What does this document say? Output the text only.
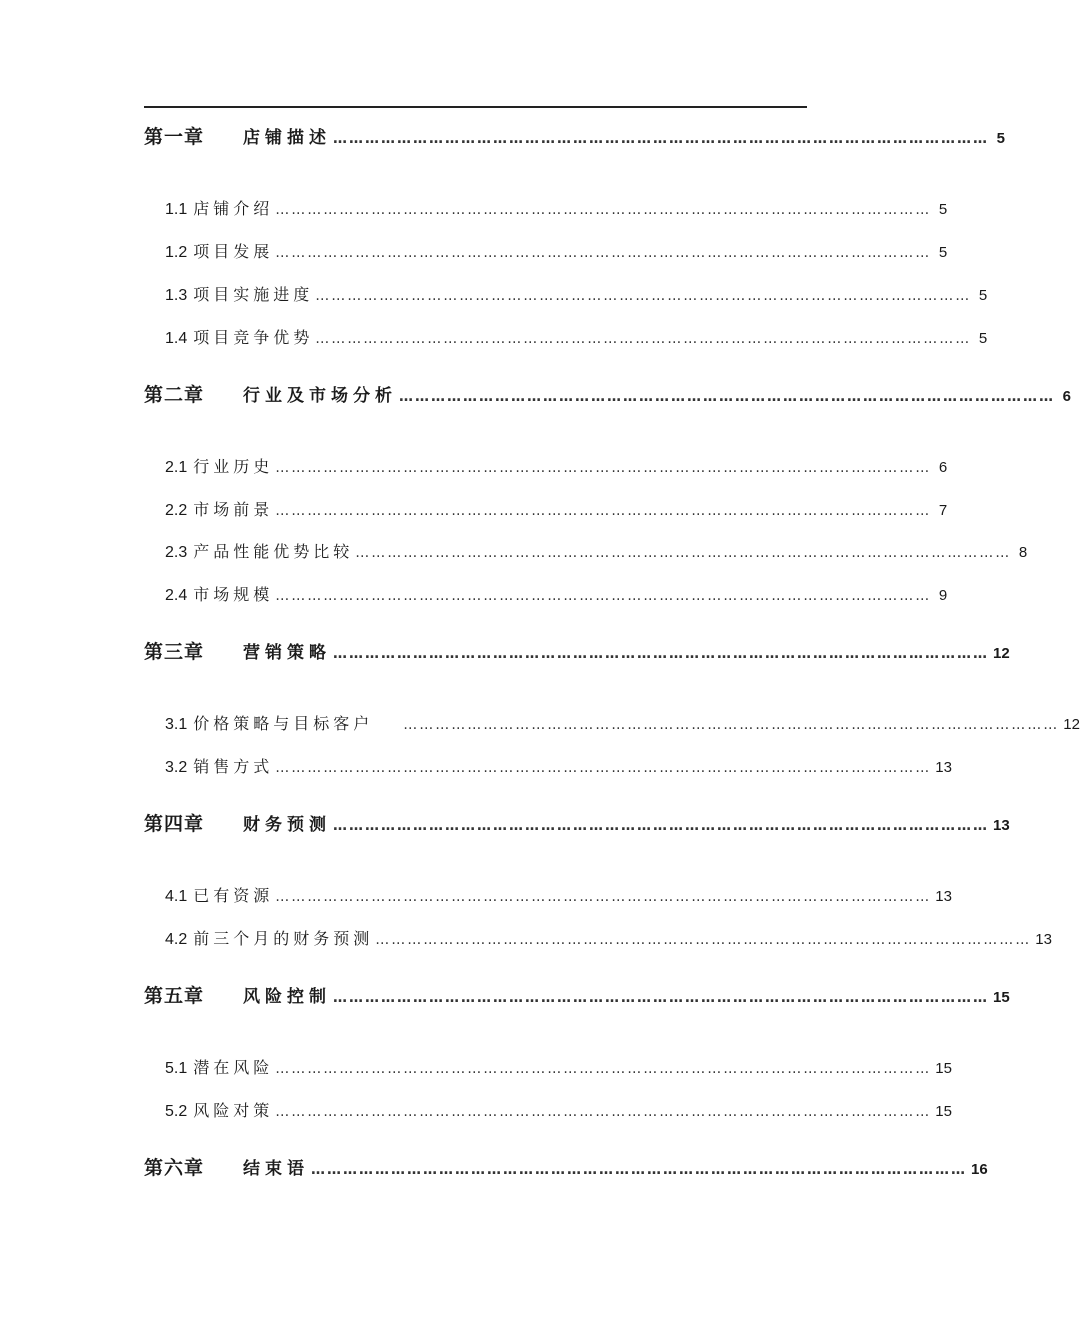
第一章	店铺描述 …………………………………………………………………………………………………………… 5
1.1 店铺介绍 …………………………………………………………………………………………………………… 5
1.2 项目发展 …………………………………………………………………………………………………………… 5
1.3 项目实施进度 …………………………………………………………………………………………………………… 5
1.4 项目竞争优势 …………………………………………………………………………………………………………… 5
第二章	行业及市场分析 …………………………………………………………………………………………………………… 6
2.1 行业历史 …………………………………………………………………………………………………………… 6
2.2 市场前景 …………………………………………………………………………………………………………… 7
2.3 产品性能优势比较 …………………………………………………………………………………………………………… 8
2.4 市场规模 …………………………………………………………………………………………………………… 9
第三章	营销策略 …………………………………………………………………………………………………………… 12
3.1 价格策略与目标客户 …………………………………………………………………………………………………………… 12
3.2 销售方式 …………………………………………………………………………………………………………… 13
第四章	财务预测 …………………………………………………………………………………………………………… 13
4.1 已有资源 …………………………………………………………………………………………………………… 13
4.2 前三个月的财务预测 …………………………………………………………………………………………………………… 13
第五章	风险控制 …………………………………………………………………………………………………………… 15
5.1 潜在风险 …………………………………………………………………………………………………………… 15
5.2 风险对策 …………………………………………………………………………………………………………… 15
第六章	结束语 …………………………………………………………………………………………………………… 16
